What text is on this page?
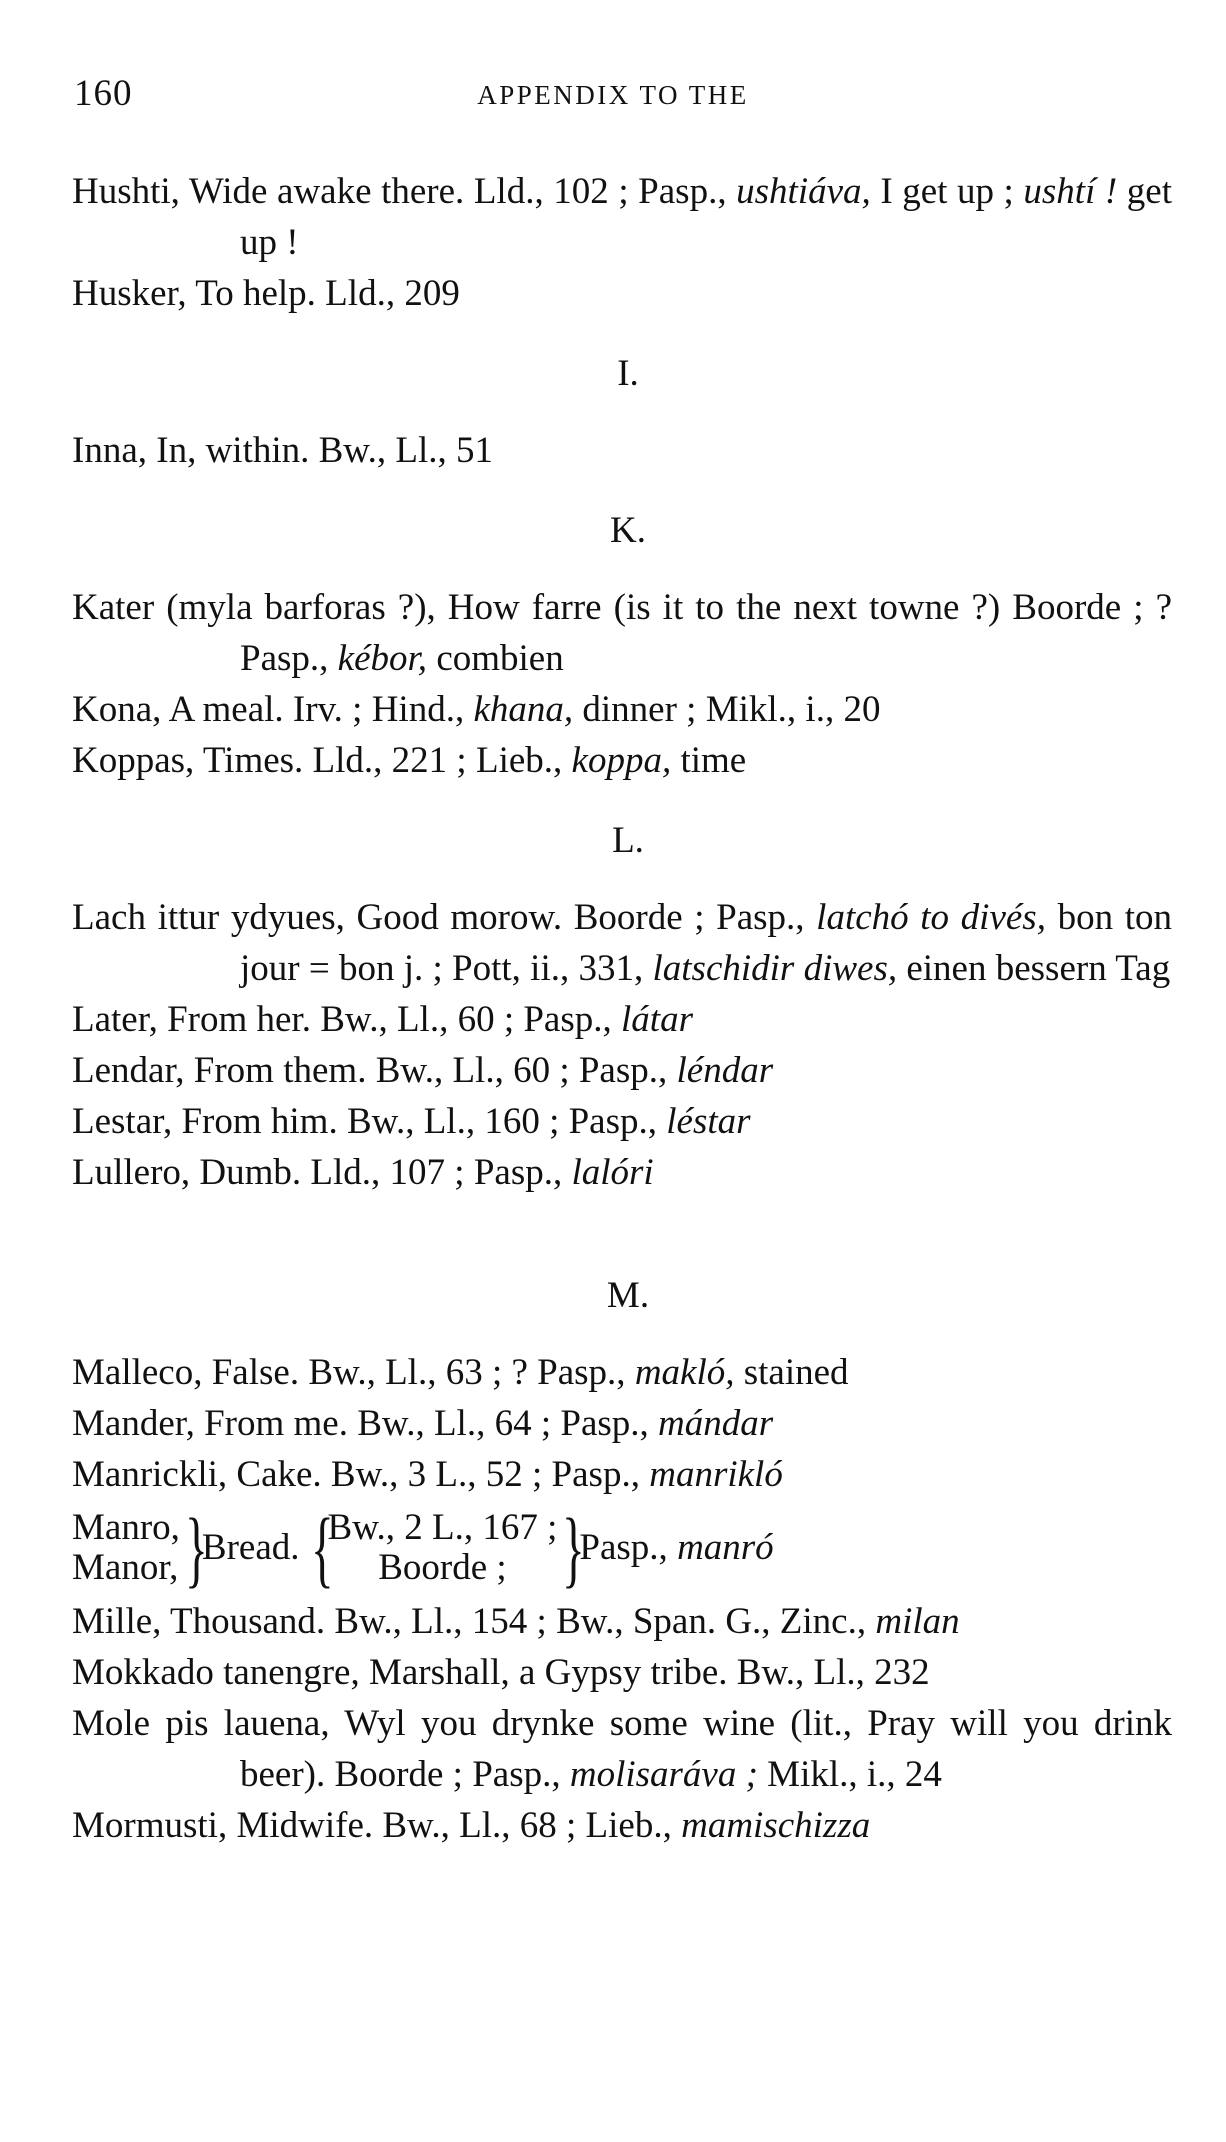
160	APPENDIX TO THE

Hushti, Wide awake there. Lld., 102 ; Pasp., ushtiáva, I get up ; ushtí ! get up !

Husker, To help. Lld., 209

I.

Inna, In, within. Bw., Ll., 51

K.

Kater (myla barforas ?), How farre (is it to the next towne ?) Boorde ; ? Pasp., kébor, combien

Kona, A meal. Irv. ; Hind., khana, dinner ; Mikl., i., 20

Koppas, Times. Lld., 221 ; Lieb., koppa, time

L.

Lach ittur ydyues, Good morow. Boorde ; Pasp., latchó to divés, bon ton jour = bon j. ; Pott, ii., 331, latschidir diwes, einen bessern Tag

Later, From her. Bw., Ll., 60 ; Pasp., látar

Lendar, From them. Bw., Ll., 60 ; Pasp., léndar

Lestar, From him. Bw., Ll., 160 ; Pasp., léstar

Lullero, Dumb. Lld., 107 ; Pasp., lalóri

M.

Malleco, False. Bw., Ll., 63 ; ? Pasp., makló, stained

Mander, From me. Bw., Ll., 64 ; Pasp., mándar

Manrickli, Cake. Bw., 3 L., 52 ; Pasp., manrikló

Manro,
Manor, }
Bread. {
Bw., 2 L., 167 ;
Boorde ; }
Pasp., manró

Mille, Thousand. Bw., Ll., 154 ; Bw., Span. G., Zinc., milan

Mokkado tanengre, Marshall, a Gypsy tribe. Bw., Ll., 232

Mole pis lauena, Wyl you drynke some wine (lit., Pray will you drink beer). Boorde ; Pasp., molisaráva ; Mikl., i., 24

Mormusti, Midwife. Bw., Ll., 68 ; Lieb., mamischizza
